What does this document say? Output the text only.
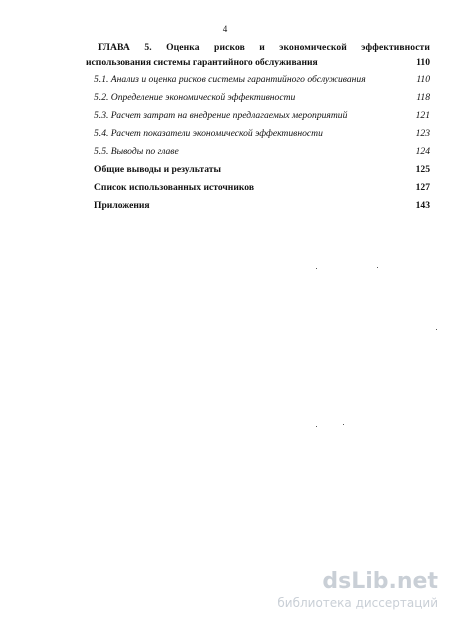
4
ГЛАВА 5. Оценка рисков и экономической эффективности
использования системы гарантийного обслуживания	110
5.1. Анализ и оценка рисков системы гарантийного обслуживания	110
5.2. Определение экономической эффективности	118
5.3. Расчет затрат на внедрение предлагаемых мероприятий	121
5.4. Расчет показатели экономической эффективности	123
5.5. Выводы по главе	124
Общие выводы и результаты	125
Список использованных источников	127
Приложения	143
dsLib.net
библиотека диссертаций
